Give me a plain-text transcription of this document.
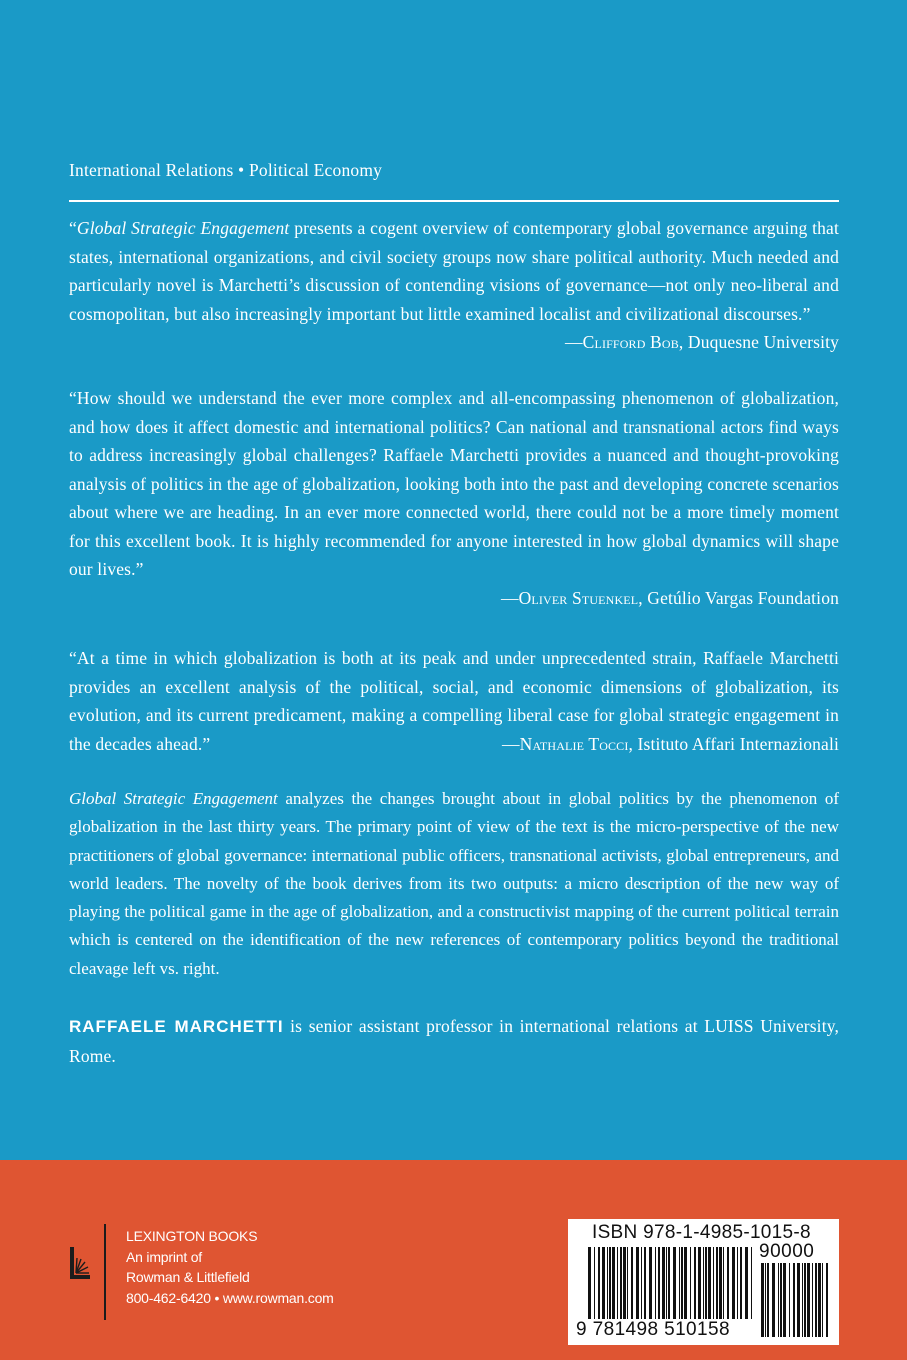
International Relations • Political Economy
“Global Strategic Engagement presents a cogent overview of contemporary global governance arguing that states, international organizations, and civil society groups now share political authority. Much needed and particularly novel is Marchetti’s discussion of contending visions of governance—not only neo-liberal and cosmopolitan, but also increasingly important but little examined localist and civilizational discourses.”
—Clifford Bob, Duquesne University

“How should we understand the ever more complex and all-encompassing phenomenon of globalization, and how does it affect domestic and international politics? Can national and transnational actors find ways to address increasingly global challenges? Raffaele Marchetti provides a nuanced and thought-provoking analysis of politics in the age of globalization, looking both into the past and developing concrete scenarios about where we are heading. In an ever more connected world, there could not be a more timely moment for this excellent book. It is highly recommended for anyone interested in how global dynamics will shape our lives.”

—Oliver Stuenkel, Getúlio Vargas Foundation

“At a time in which globalization is both at its peak and under unprecedented strain, Raffaele Marchetti provides an excellent analysis of the political, social, and economic dimensions of globalization, its evolution, and its current predicament, making a compelling liberal case for global strategic engagement in the decades ahead.”	—Nathalie Tocci, Istituto Affari Internazionali
Global Strategic Engagement analyzes the changes brought about in global politics by the phenomenon of globalization in the last thirty years. The primary point of view of the text is the micro-perspective of the new practitioners of global governance: international public officers, transnational activists, global entrepreneurs, and world leaders. The novelty of the book derives from its two outputs: a micro description of the new way of playing the political game in the age of globalization, and a constructivist mapping of the current political terrain which is centered on the identification of the new references of contemporary politics beyond the traditional cleavage left vs. right.
RAFFAELE MARCHETTI is senior assistant professor in international relations at LUISS University, Rome.
LEXINGTON BOOKS
An imprint of
Rowman & Littlefield
800-462-6420 • www.rowman.com
ISBN 978-1-4985-1015-8
90000
9 781498 510158
